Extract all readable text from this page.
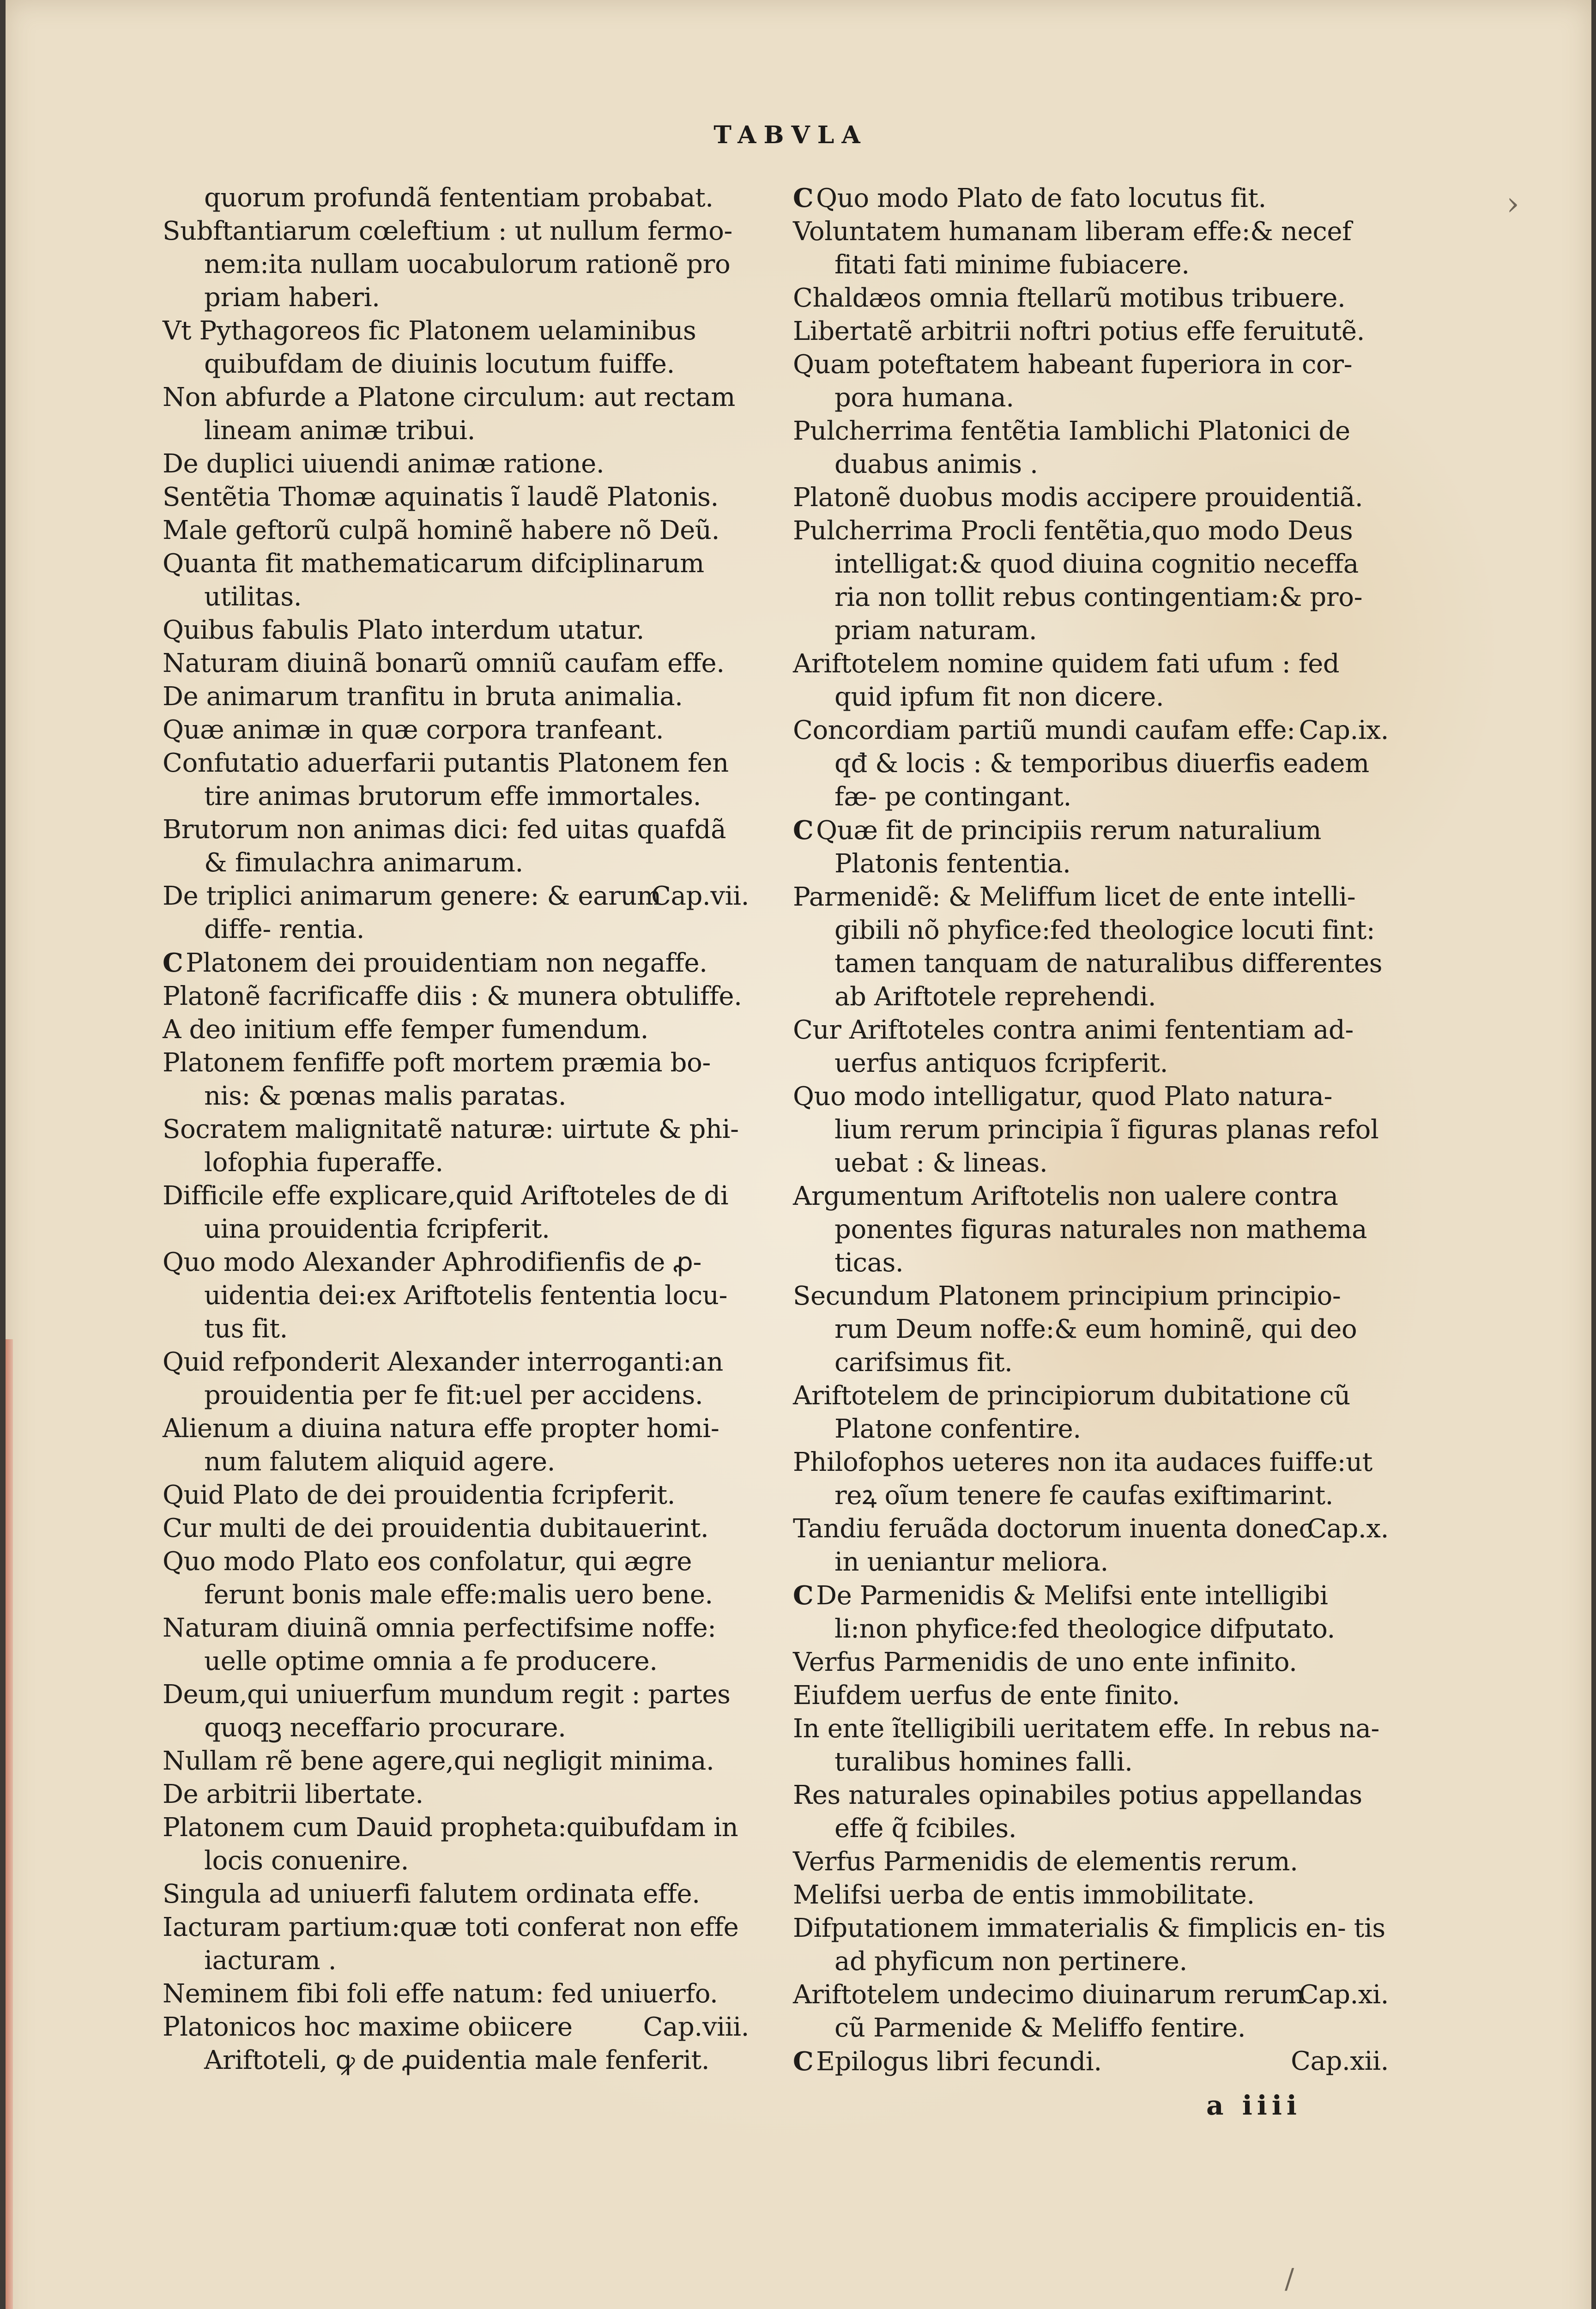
TABVLA
quorum profundã fententiam probabat.
Subftantiarum cœleftium : ut nullum fermo- nem:ita nullam uocabulorum rationẽ pro priam haberi.
Vt Pythagoreos fic Platonem uelaminibus quibufdam de diuinis locutum fuiffe.
Non abfurde a Platone circulum: aut rectam lineam animæ tribui.
De duplici uiuendi animæ ratione.
Sentẽtia Thomæ aquinatis ĩ laudẽ Platonis.
Male geftorũ culpã hominẽ habere nõ Deũ.
Quanta fit mathematicarum difciplinarum utilitas.
Quibus fabulis Plato interdum utatur.
Naturam diuinã bonarũ omniũ caufam effe.
De animarum tranfitu in bruta animalia.
Quæ animæ in quæ corpora tranfeant.
Confutatio aduerfarii putantis Platonem fen tire animas brutorum effe immortales.
Brutorum non animas dici: fed uitas quafdã & fimulachra animarum.
Cap.vii.
De triplici animarum genere: & earum diffe- rentia.
C Platonem dei prouidentiam non negaffe.
Platonẽ facrificaffe diis : & munera obtuliffe.
A deo initium effe femper fumendum.
Platonem fenfiffe poft mortem præmia bo- nis: & pœnas malis paratas.
Socratem malignitatẽ naturæ: uirtute & phi- lofophia fuperaffe.
Difficile effe explicare,quid Ariftoteles de di uina prouidentia fcripferit.
Quo modo Alexander Aphrodifienfis de ꝓ- uidentia dei:ex Ariftotelis fententia locu- tus fit.
Quid refponderit Alexander interroganti:an prouidentia per fe fit:uel per accidens.
Alienum a diuina natura effe propter homi- num falutem aliquid agere.
Quid Plato de dei prouidentia fcripferit.
Cur multi de dei prouidentia dubitauerint.
Quo modo Plato eos confolatur, qui ægre ferunt bonis male effe:malis uero bene.
Naturam diuinã omnia perfectifsime noffe: uelle optime omnia a fe producere.
Deum,qui uniuerfum mundum regit : partes quoqꝫ neceffario procurare.
Nullam rẽ bene agere,qui negligit minima.
De arbitrii libertate.
Platonem cum Dauid propheta:quibufdam in locis conuenire.
Singula ad uniuerfi falutem ordinata effe.
Iacturam partium:quæ toti conferat non effe iacturam .
Neminem fibi foli effe natum: fed uniuerfo.
Cap.viii.
Platonicos hoc maxime obiicere Ariftoteli, ꝙ de ꝓuidentia male fenferit.
C Quo modo Plato de fato locutus fit.
Voluntatem humanam liberam effe:& necef fitati fati minime fubiacere.
Chaldæos omnia ftellarũ motibus tribuere.
Libertatẽ arbitrii noftri potius effe feruitutẽ.
Quam poteftatem habeant fuperiora in cor- pora humana.
Pulcherrima fentẽtia Iamblichi Platonici de duabus animis .
Platonẽ duobus modis accipere prouidentiã.
Pulcherrima Procli fentẽtia,quo modo Deus intelligat:& quod diuina cognitio neceffa ria non tollit rebus contingentiam:& pro- priam naturam.
Ariftotelem nomine quidem fati ufum : fed quid ipfum fit non dicere.
Cap.ix.
Concordiam partiũ mundi caufam effe: qđ & locis : & temporibus diuerfis eadem fæ- pe contingant.
C Quæ fit de principiis rerum naturalium Platonis fententia.
Parmenidẽ: & Meliffum licet de ente intelli- gibili nõ phyfice:fed theologice locuti fint: tamen tanquam de naturalibus differentes ab Ariftotele reprehendi.
Cur Ariftoteles contra animi fententiam ad- uerfus antiquos fcripferit.
Quo modo intelligatur, quod Plato natura- lium rerum principia ĩ figuras planas refol uebat : & lineas.
Argumentum Ariftotelis non ualere contra ponentes figuras naturales non mathema ticas.
Secundum Platonem principium principio- rum Deum noffe:& eum hominẽ, qui deo carifsimus fit.
Ariftotelem de principiorum dubitatione cũ Platone confentire.
Philofophos ueteres non ita audaces fuiffe:ut reꝝ oĩum tenere fe caufas exiftimarint.
Cap.x.
Tandiu feruãda doctorum inuenta donec in ueniantur meliora.
C De Parmenidis & Melifsi ente intelligibi li:non phyfice:fed theologice difputato.
Verfus Parmenidis de uno ente infinito.
Eiufdem uerfus de ente finito.
In ente ĩtelligibili ueritatem effe. In rebus na- turalibus homines falli.
Res naturales opinabiles potius appellandas effe q̃ fcibiles.
Verfus Parmenidis de elementis rerum.
Melifsi uerba de entis immobilitate.
Difputationem immaterialis & fimplicis en- tis ad phyficum non pertinere.
Cap.xi.
Ariftotelem undecimo diuinarum rerum cũ Parmenide & Meliffo fentire.
C	Cap.xii.
Epilogus libri fecundi.
a iiii
›
/
